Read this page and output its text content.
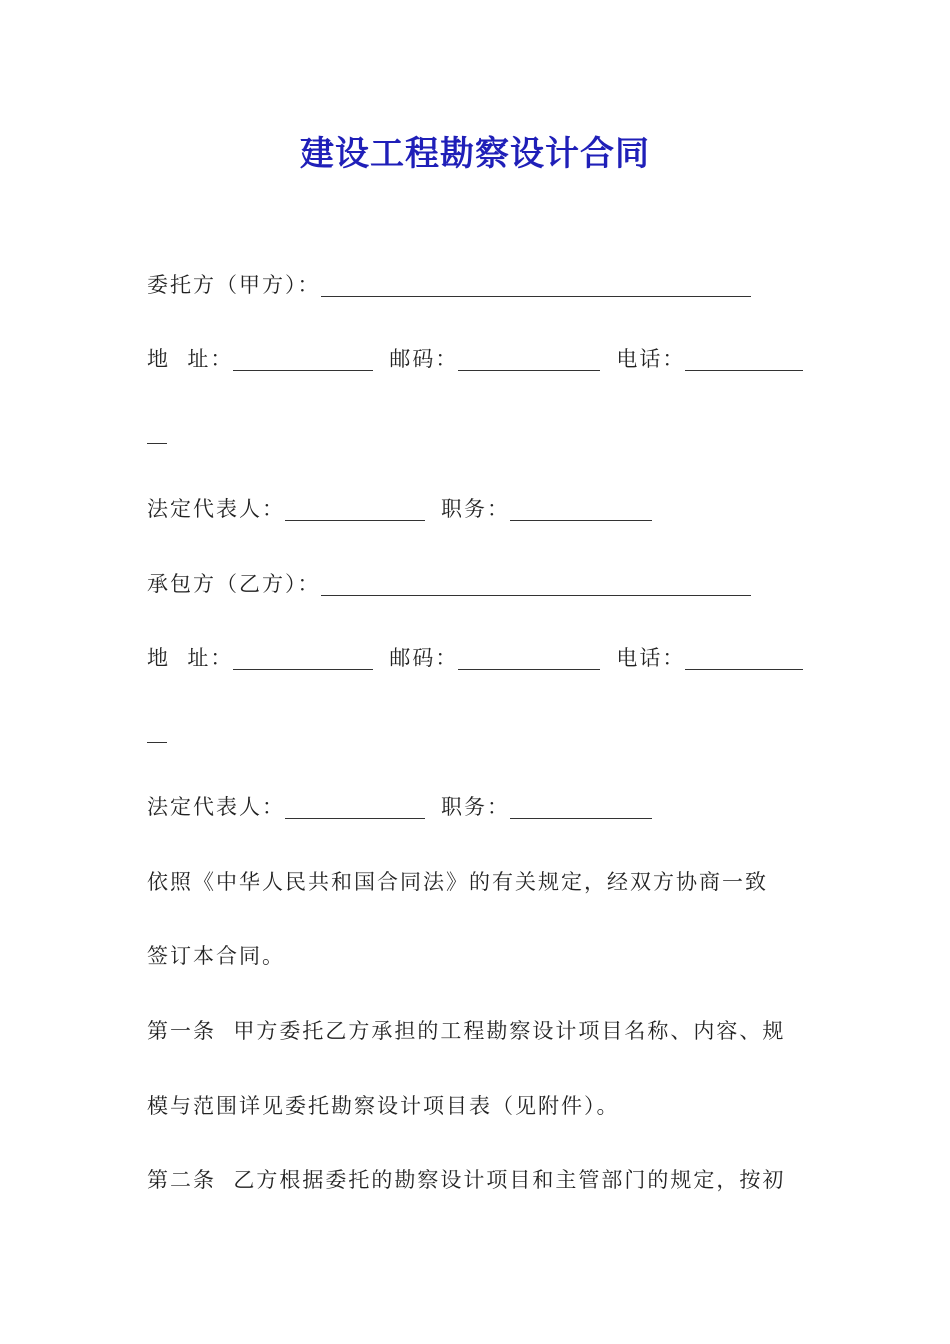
建设工程勘察设计合同
委托方（甲方）：
地  址：	邮码：	电话：
法定代表人：	职务：
承包方（乙方）：
地  址：	邮码：	电话：
法定代表人：	职务：
依照《中华人民共和国合同法》的有关规定，经双方协商一致
签订本合同。
第一条  甲方委托乙方承担的工程勘察设计项目名称、内容、规
模与范围详见委托勘察设计项目表（见附件）。
第二条  乙方根据委托的勘察设计项目和主管部门的规定，按初
